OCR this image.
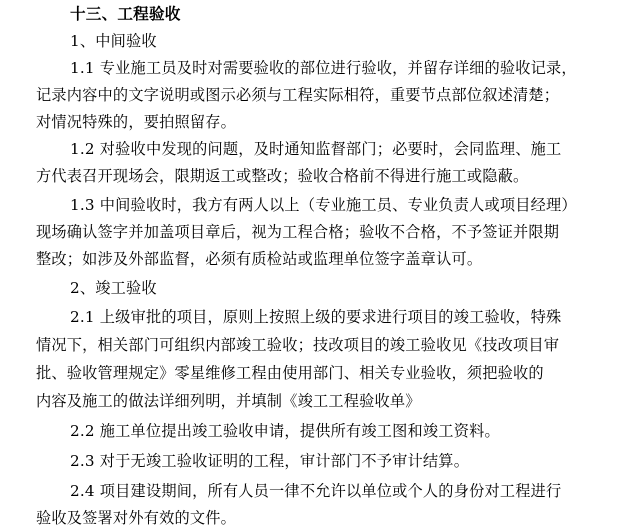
十三、工程验收
1、中间验收
1.1 专业施工员及时对需要验收的部位进行验收，并留存详细的验收记录，
记录内容中的文字说明或图示必须与工程实际相符，重要节点部位叙述清楚；
对情况特殊的，要拍照留存。
1.2 对验收中发现的问题，及时通知监督部门；必要时，会同监理、施工
方代表召开现场会，限期返工或整改；验收合格前不得进行施工或隐蔽。
1.3 中间验收时，我方有两人以上（专业施工员、专业负责人或项目经理）
现场确认签字并加盖项目章后，视为工程合格；验收不合格，不予签证并限期
整改；如涉及外部监督，必须有质检站或监理单位签字盖章认可。
2、竣工验收
2.1 上级审批的项目，原则上按照上级的要求进行项目的竣工验收，特殊
情况下，相关部门可组织内部竣工验收；技改项目的竣工验收见《技改项目审
批、验收管理规定》零星维修工程由使用部门、相关专业验收，须把验收的
内容及施工的做法详细列明，并填制《竣工工程验收单》
2.2 施工单位提出竣工验收申请，提供所有竣工图和竣工资料。
2.3 对于无竣工验收证明的工程，审计部门不予审计结算。
2.4 项目建设期间，所有人员一律不允许以单位或个人的身份对工程进行
验收及签署对外有效的文件。
